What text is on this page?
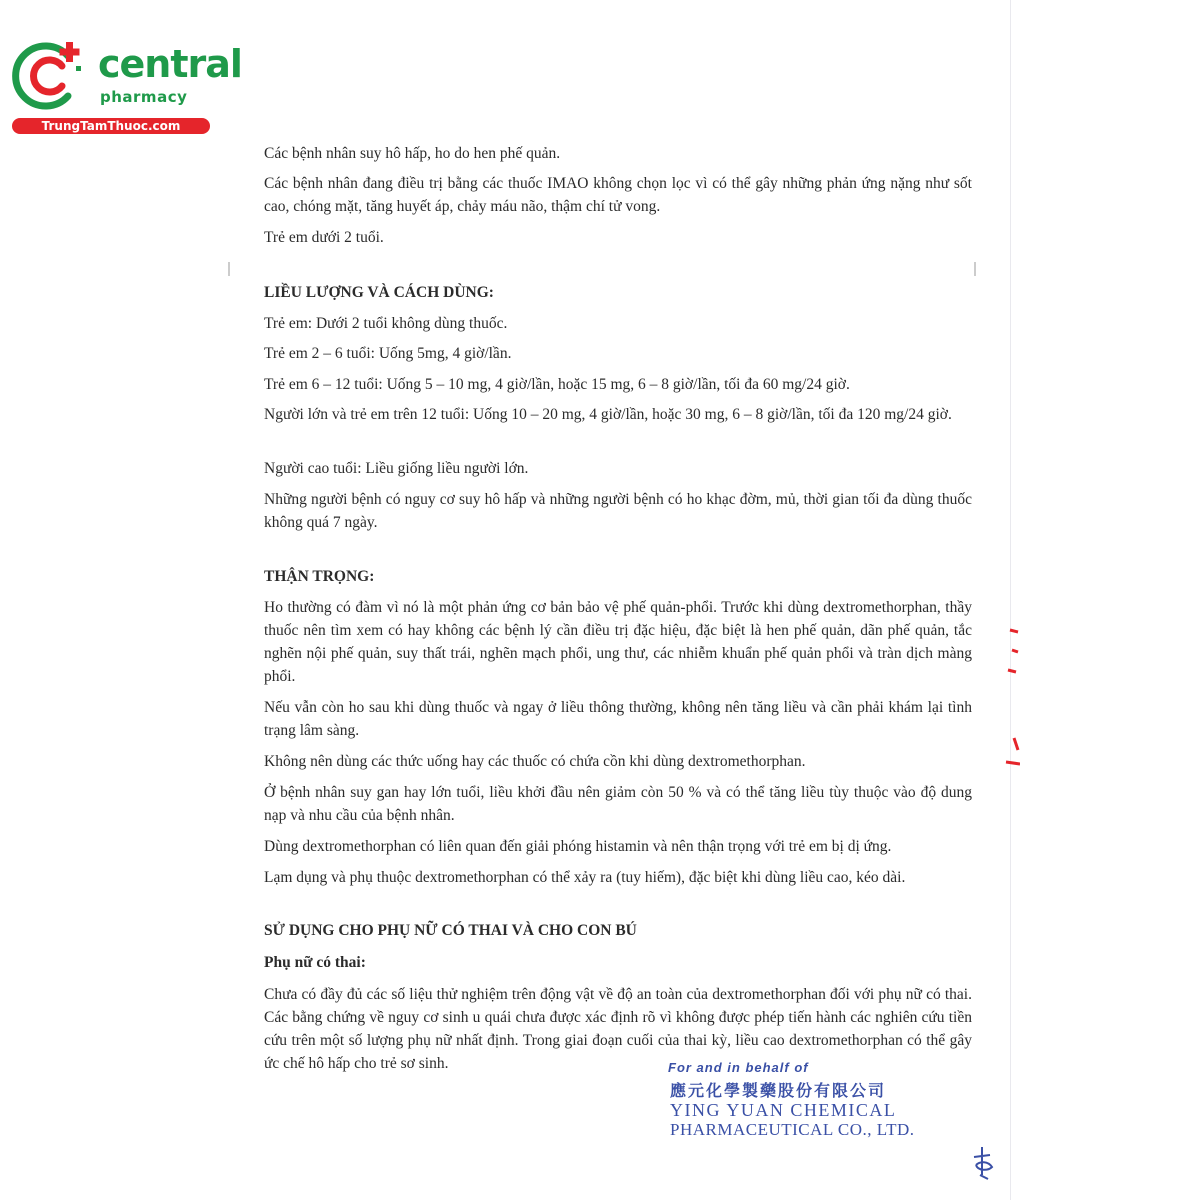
central
pharmacy
TrungTamThuoc.com

Các bệnh nhân suy hô hấp, ho do hen phế quản.

Các bệnh nhân đang điều trị bằng các thuốc IMAO không chọn lọc vì có thể gây những phản ứng nặng như sốt cao, chóng mặt, tăng huyết áp, chảy máu não, thậm chí tử vong.

Trẻ em dưới 2 tuổi.

LIỀU LƯỢNG VÀ CÁCH DÙNG:

Trẻ em: Dưới 2 tuổi không dùng thuốc.

Trẻ em 2 – 6 tuổi: Uống 5mg, 4 giờ/lần.

Trẻ em 6 – 12 tuổi: Uống 5 – 10 mg, 4 giờ/lần, hoặc 15 mg, 6 – 8 giờ/lần, tối đa 60 mg/24 giờ.

Người lớn và trẻ em trên 12 tuổi: Uống 10 – 20 mg, 4 giờ/lần, hoặc 30 mg, 6 – 8 giờ/lần, tối đa 120 mg/24 giờ.

Người cao tuổi: Liều giống liều người lớn.

Những người bệnh có nguy cơ suy hô hấp và những người bệnh có ho khạc đờm, mủ, thời gian tối đa dùng thuốc không quá 7 ngày.

THẬN TRỌNG:

Ho thường có đàm vì nó là một phản ứng cơ bản bảo vệ phế quản-phổi. Trước khi dùng dextromethorphan, thầy thuốc nên tìm xem có hay không các bệnh lý cần điều trị đặc hiệu, đặc biệt là hen phế quản, dãn phế quản, tắc nghẽn nội phế quản, suy thất trái, nghẽn mạch phổi, ung thư, các nhiễm khuẩn phế quản phổi và tràn dịch màng phổi.

Nếu vẫn còn ho sau khi dùng thuốc và ngay ở liều thông thường, không nên tăng liều và cần phải khám lại tình trạng lâm sàng.

Không nên dùng các thức uống hay các thuốc có chứa cồn khi dùng dextromethorphan.

Ở bệnh nhân suy gan hay lớn tuổi, liều khởi đầu nên giảm còn 50 % và có thể tăng liều tùy thuộc vào độ dung nạp và nhu cầu của bệnh nhân.

Dùng dextromethorphan có liên quan đến giải phóng histamin và nên thận trọng với trẻ em bị dị ứng.

Lạm dụng và phụ thuộc dextromethorphan có thể xảy ra (tuy hiếm), đặc biệt khi dùng liều cao, kéo dài.

SỬ DỤNG CHO PHỤ NỮ CÓ THAI VÀ CHO CON BÚ
Phụ nữ có thai:

Chưa có đầy đủ các số liệu thử nghiệm trên động vật về độ an toàn của dextromethorphan đối với phụ nữ có thai. Các bằng chứng về nguy cơ sinh u quái chưa được xác định rõ vì không được phép tiến hành các nghiên cứu tiền cứu trên một số lượng phụ nữ nhất định. Trong giai đoạn cuối của thai kỳ, liều cao dextromethorphan có thể gây ức chế hô hấp cho trẻ sơ sinh.	For and in behalf of
應元化學製藥股份有限公司
YING YUAN CHEMICAL
PHARMACEUTICAL CO., LTD.
